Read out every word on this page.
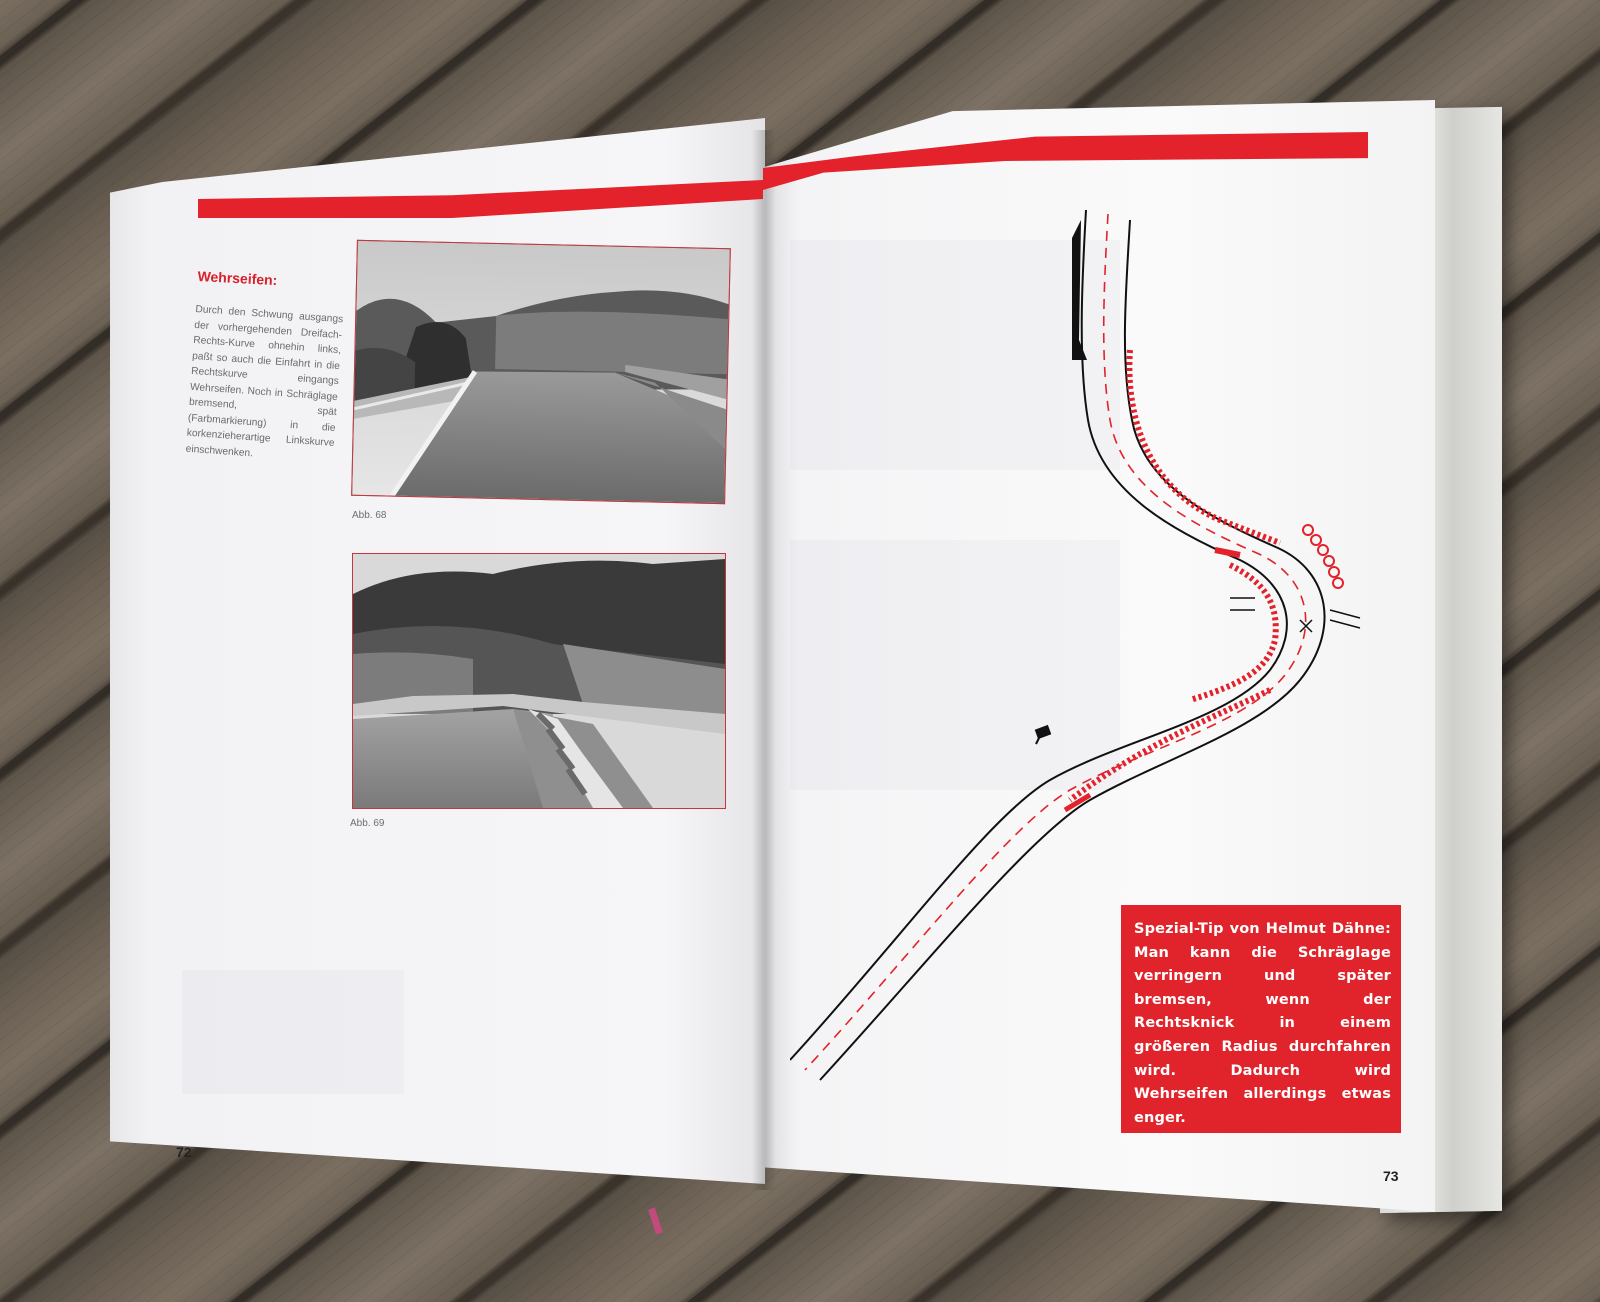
Wehrseifen:

Durch den Schwung ausgangs der vorhergehenden Dreifach-Rechts-Kurve ohnehin links, paßt so auch die Einfahrt in die Rechtskurve eingangs Wehrseifen. Noch in Schräglage bremsend, spät (Farbmarkierung) in die korkenzieherartige Linkskurve einschwenken.

Abb. 68
Abb. 69
72

Spezial-Tip von Helmut Dähne: Man kann die Schräglage verringern und später bremsen, wenn der Rechtsknick in einem größeren Radius durchfahren wird. Dadurch wird Wehrseifen allerdings etwas enger.

73
